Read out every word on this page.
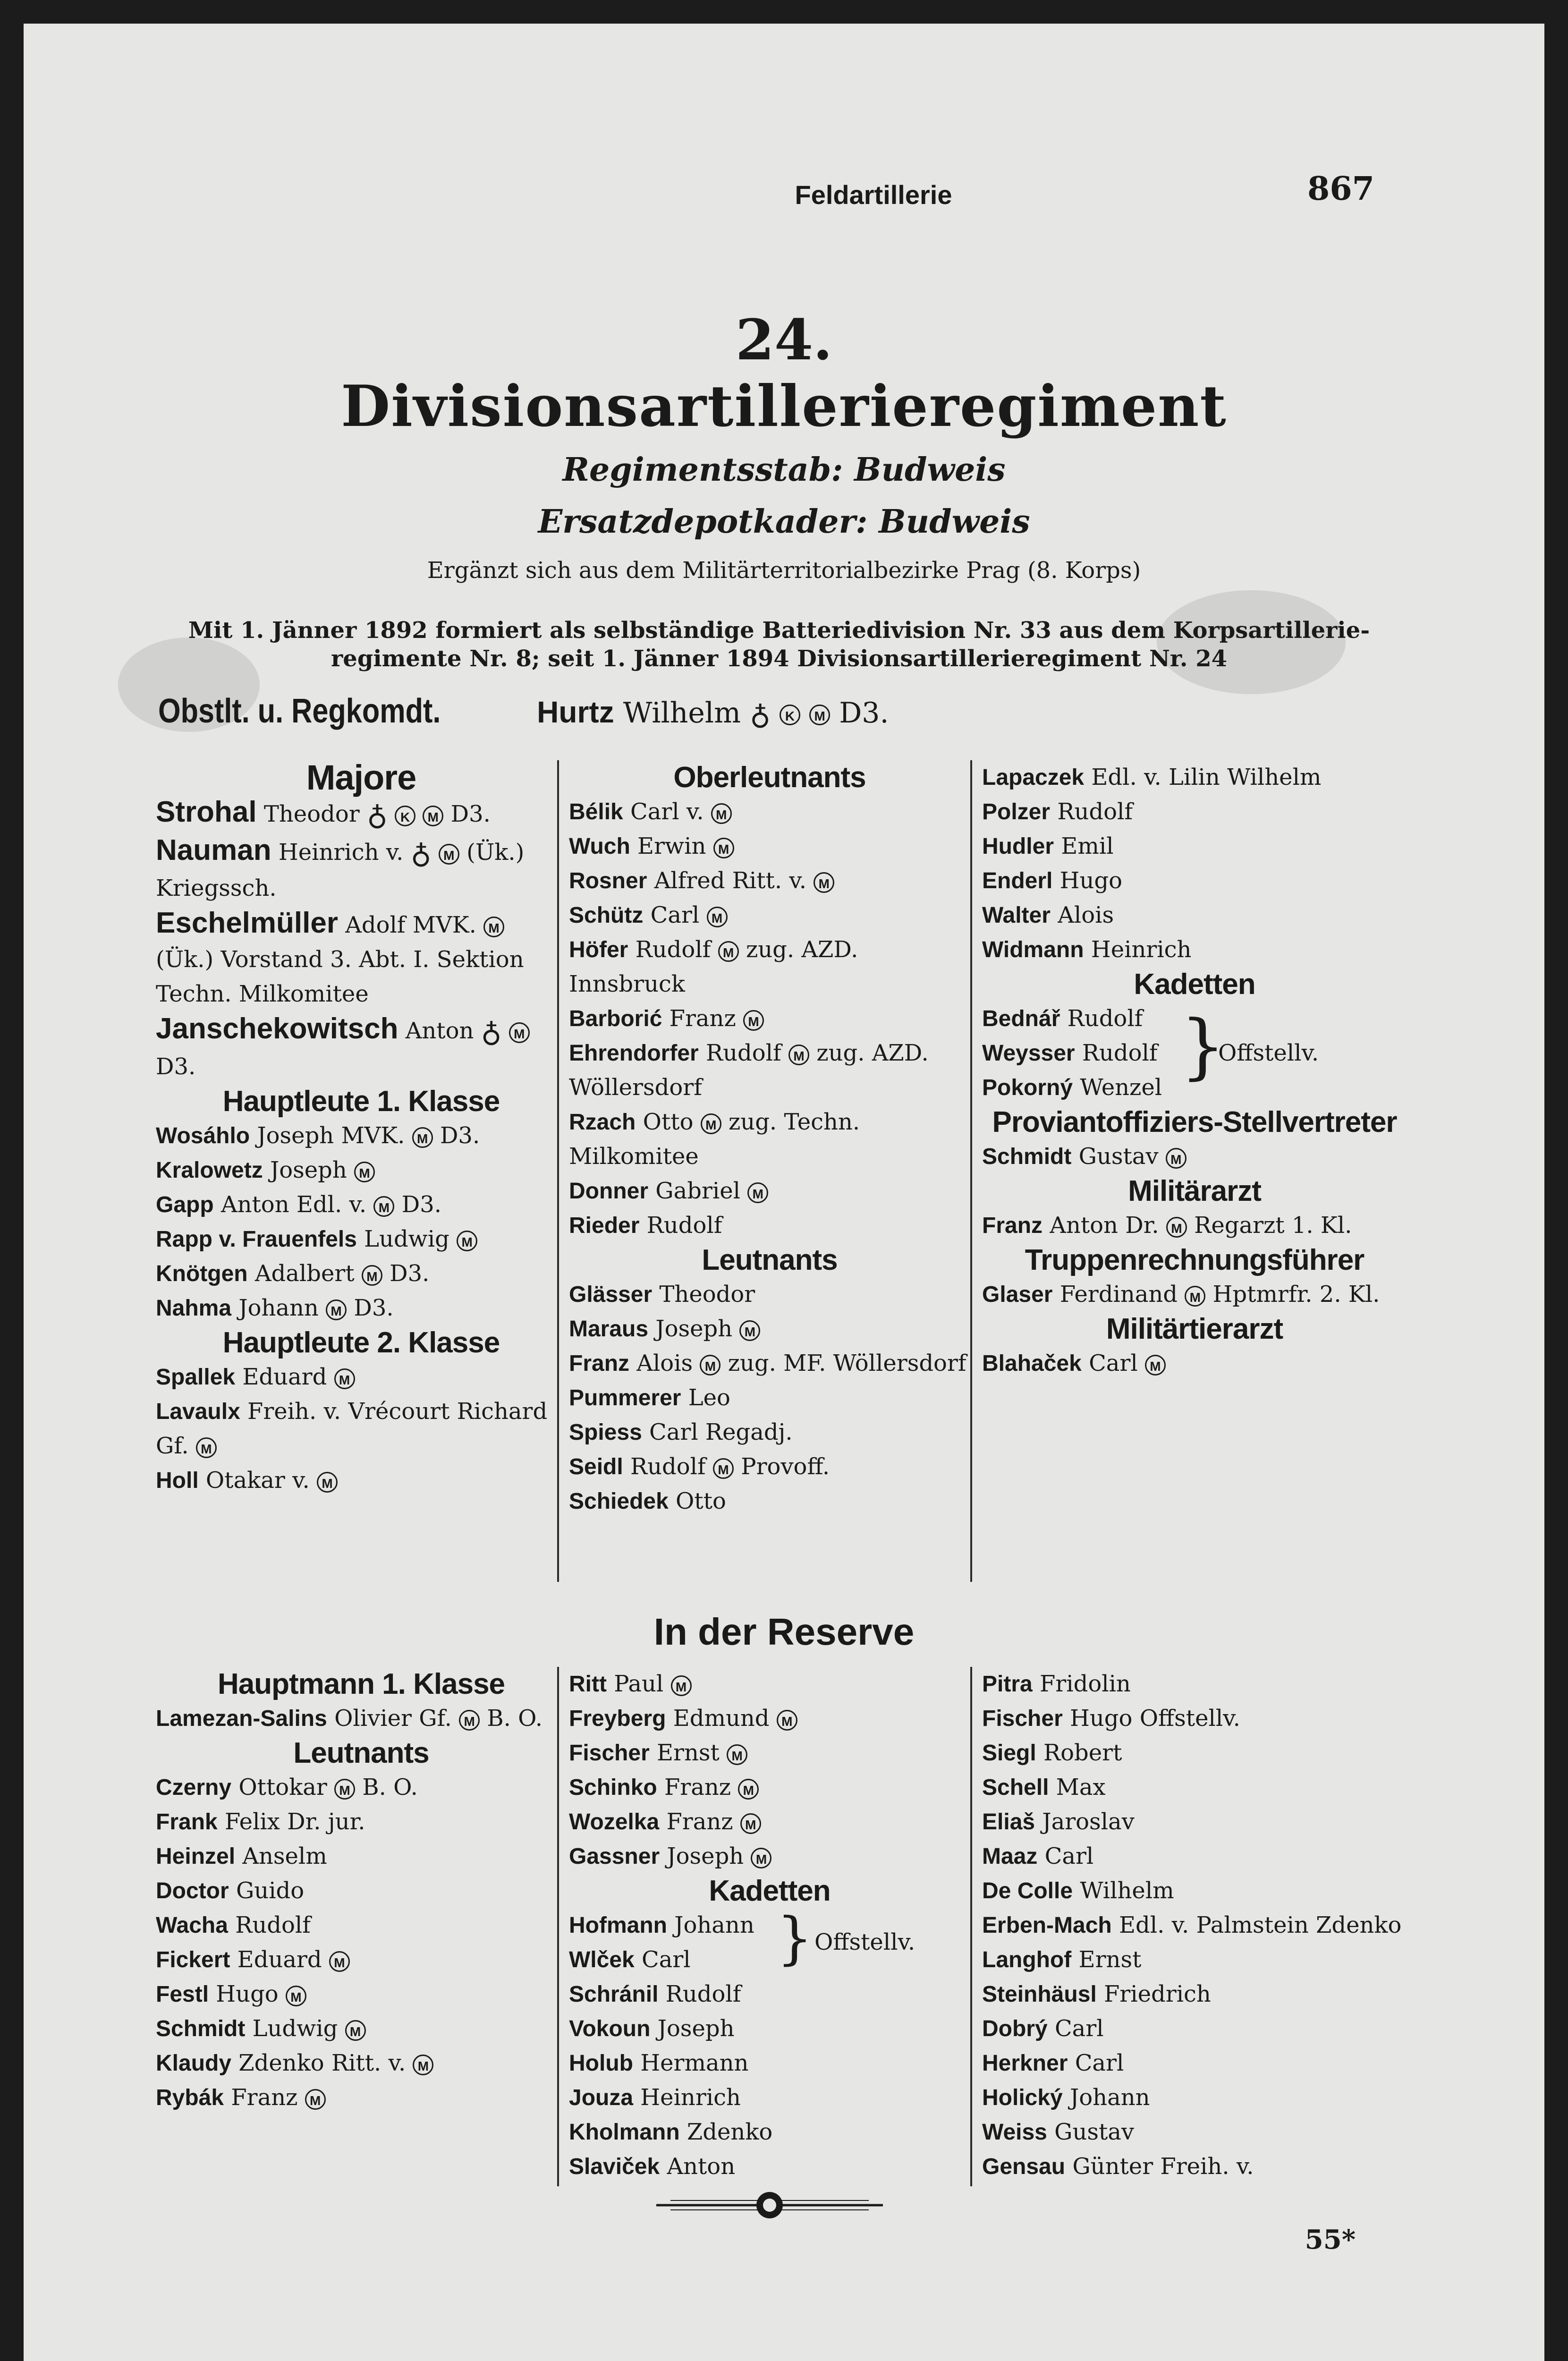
Feldartillerie	867
24.
Divisionsartillerieregiment
Regimentsstab: Budweis
Ersatzdepotkader: Budweis
Ergänzt sich aus dem Militärterritorialbezirke Prag (8. Korps)
Mit 1. Jänner 1892 formiert als selbständige Batteriedivision Nr. 33 aus dem Korpsartillerie-regimente Nr. 8; seit 1. Jänner 1894 Divisionsartillerieregiment Nr. 24
Obstlt. u. Regkomdt.	Hurtz Wilhelm ♁ K M D3.
Majore
Strohal Theodor ♁ K M D3.
Nauman Heinrich v. ♁ M (Ük.) Kriegssch.
Eschelmüller Adolf MVK. M (Ük.) Vorstand 3. Abt. I. Sektion Techn. Milkomitee
Janschekowitsch Anton ♁ M D3.
Hauptleute 1. Klasse
Wosáhlo Joseph MVK. M D3.
Kralowetz Joseph M
Gapp Anton Edl. v. M D3.
Rapp v. Frauenfels Ludwig M
Knötgen Adalbert M D3.
Nahma Johann M D3.
Hauptleute 2. Klasse
Spallek Eduard M
Lavaulx Freih. v. Vrécourt Richard Gf. M
Holl Otakar v. M
Oberleutnants
Bélik Carl v. M
Wuch Erwin M
Rosner Alfred Ritt. v. M
Schütz Carl M
Höfer Rudolf M zug. AZD. Innsbruck
Barborić Franz M
Ehrendorfer Rudolf M zug. AZD. Wöllersdorf
Rzach Otto M zug. Techn. Milkomitee
Donner Gabriel M
Rieder Rudolf
Leutnants
Glässer Theodor
Maraus Joseph M
Franz Alois M zug. MF. Wöllersdorf
Pummerer Leo
Spiess Carl Regadj.
Seidl Rudolf M Provoff.
Schiedek Otto
Lapaczek Edl. v. Lilin Wilhelm
Polzer Rudolf
Hudler Emil
Enderl Hugo
Walter Alois
Widmann Heinrich
Kadetten
Bednář Rudolf
Weysser Rudolf
Pokorný Wenzel }
Offstellv.
Proviantoffiziers-Stellvertreter
Schmidt Gustav M
Militärarzt
Franz Anton Dr. M Regarzt 1. Kl.
Truppenrechnungsführer
Glaser Ferdinand M Hptmrfr. 2. Kl.
Militärtierarzt
Blahaček Carl M
In der Reserve
Hauptmann 1. Klasse
Lamezan-Salins Olivier Gf. M B. O.
Leutnants
Czerny Ottokar M B. O.
Frank Felix Dr. jur.
Heinzel Anselm
Doctor Guido
Wacha Rudolf
Fickert Eduard M
Festl Hugo M
Schmidt Ludwig M
Klaudy Zdenko Ritt. v. M
Rybák Franz M
Ritt Paul M
Freyberg Edmund M
Fischer Ernst M
Schinko Franz M
Wozelka Franz M
Gassner Joseph M
Kadetten
Hofmann Johann
Wlček Carl	} Offstellv.
Schránil Rudolf
Vokoun Joseph
Holub Hermann
Jouza Heinrich
Kholmann Zdenko
Slaviček Anton
Pitra Fridolin
Fischer Hugo Offstellv.
Siegl Robert
Schell Max
Eliaš Jaroslav
Maaz Carl
De Colle Wilhelm
Erben-Mach Edl. v. Palmstein Zdenko
Langhof Ernst
Steinhäusl Friedrich
Dobrý Carl
Herkner Carl
Holický Johann
Weiss Gustav
Gensau Günter Freih. v.
55*
